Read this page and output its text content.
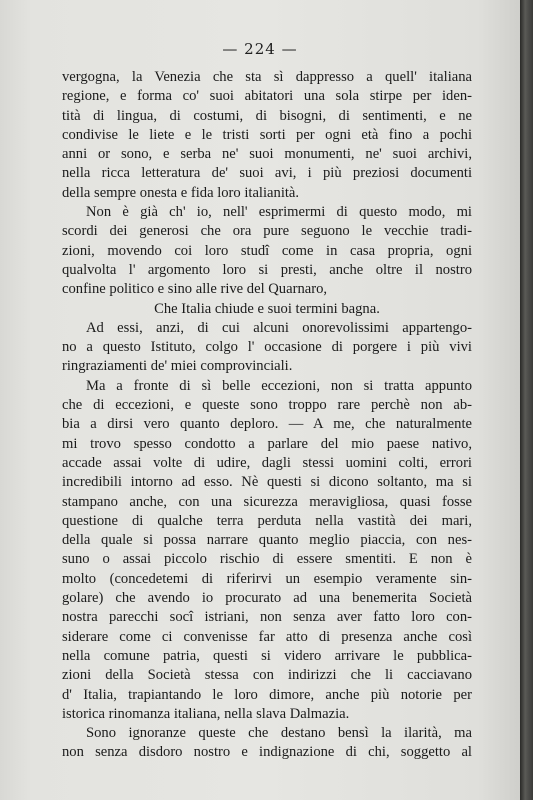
— 224 —
vergogna, la Venezia che sta sì dappresso a quell' italiana
regione, e forma co' suoi abitatori una sola stirpe per iden-
tità di lingua, di costumi, di bisogni, di sentimenti, e ne
condivise le liete e le tristi sorti per ogni età fino a pochi
anni or sono, e serba ne' suoi monumenti, ne' suoi archivi,
nella ricca letteratura de' suoi avi, i più preziosi documenti
della sempre onesta e fida loro italianità.
Non è già ch' io, nell' esprimermi di questo modo, mi
scordi dei generosi che ora pure seguono le vecchie tradi-
zioni, movendo coi loro studî come in casa propria, ogni
qualvolta l' argomento loro si presti, anche oltre il nostro
confine politico e sino alle rive del Quarnaro,
Che Italia chiude e suoi termini bagna.
Ad essi, anzi, di cui alcuni onorevolissimi appartengo-
no a questo Istituto, colgo l' occasione di porgere i più vivi
ringraziamenti de' miei comprovinciali.
Ma a fronte di sì belle eccezioni, non si tratta appunto
che di eccezioni, e queste sono troppo rare perchè non ab-
bia a dirsi vero quanto deploro. — A me, che naturalmente
mi trovo spesso condotto a parlare del mio paese nativo,
accade assai volte di udire, dagli stessi uomini colti, errori
incredibili intorno ad esso. Nè questi si dicono soltanto, ma si
stampano anche, con una sicurezza meravigliosa, quasi fosse
questione di qualche terra perduta nella vastità dei mari,
della quale si possa narrare quanto meglio piaccia, con nes-
suno o assai piccolo rischio di essere smentiti. E non è
molto (concedetemi di riferirvi un esempio veramente sin-
golare) che avendo io procurato ad una benemerita Società
nostra parecchi socî istriani, non senza aver fatto loro con-
siderare come ci convenisse far atto di presenza anche così
nella comune patria, questi si videro arrivare le pubblica-
zioni della Società stessa con indirizzi che li cacciavano
d' Italia, trapiantando le loro dimore, anche più notorie per
istorica rinomanza italiana, nella slava Dalmazia.
Sono ignoranze queste che destano bensì la ilarità, ma
non senza disdoro nostro e indignazione di chi, soggetto al
